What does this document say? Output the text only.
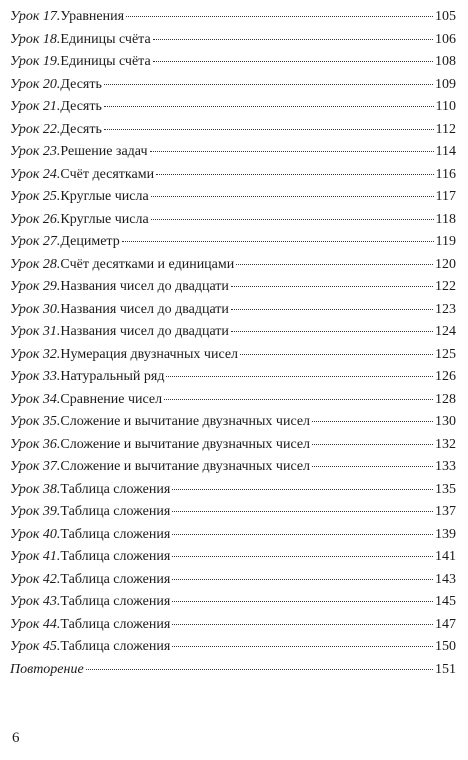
Урок 17 . Уравнения	105
Урок 18 . Единицы счёта	106
Урок 19 . Единицы счёта	108
Урок 20 . Десять	109
Урок 21 . Десять	110
Урок 22 . Десять	112
Урок 23 . Решение задач	114
Урок 24 . Счёт десятками	116
Урок 25 . Круглые числа	117
Урок 26 . Круглые числа	118
Урок 27 . Дециметр	119
Урок 28 . Счёт десятками и единицами	120
Урок 29 . Названия чисел до двадцати	122
Урок 30 . Названия чисел до двадцати	123
Урок 31 . Названия чисел до двадцати	124
Урок 32 . Нумерация двузначных чисел	125
Урок 33 . Натуральный ряд	126
Урок 34 . Сравнение чисел	128
Урок 35 . Сложение и вычитание двузначных чисел	130
Урок 36 . Сложение и вычитание двузначных чисел	132
Урок 37 . Сложение и вычитание двузначных чисел	133
Урок 38 . Таблица сложения	135
Урок 39 . Таблица сложения	137
Урок 40 . Таблица сложения	139
Урок 41 . Таблица сложения	141
Урок 42 . Таблица сложения	143
Урок 43 . Таблица сложения	145
Урок 44 . Таблица сложения	147
Урок 45 . Таблица сложения	150
Повторение	151
6
